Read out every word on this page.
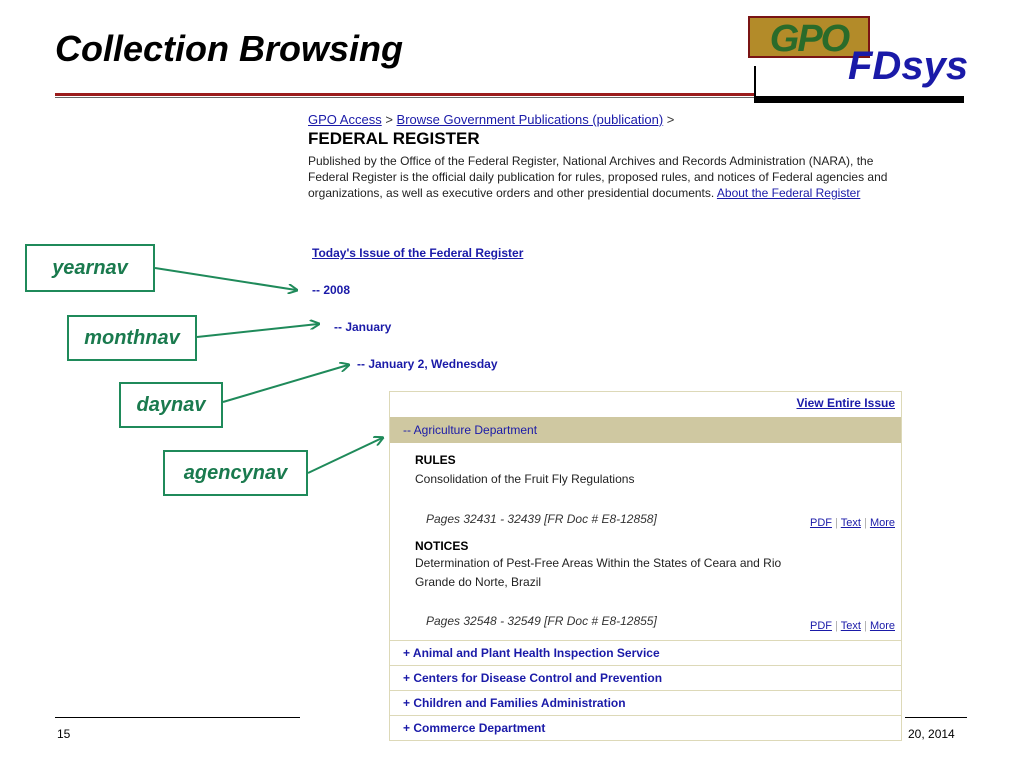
Collection Browsing	GPO
FDsys
GPO Access > Browse Government Publications (publication) >
FEDERAL REGISTER
Published by the Office of the Federal Register, National Archives and Records Administration (NARA), the Federal Register is the official daily publication for rules, proposed rules, and notices of Federal agencies and organizations, as well as executive orders and other presidential documents. About the Federal Register
Today's Issue of the Federal Register
-- 2008
-- January
-- January 2, Wednesday
View Entire Issue
-- Agriculture Department
RULES
Consolidation of the Fruit Fly Regulations
Pages 32431 - 32439 [FR Doc # E8-12858]	PDF | Text | More
NOTICES
Determination of Pest-Free Areas Within the States of Ceara and Rio Grande do Norte, Brazil
Pages 32548 - 32549 [FR Doc # E8-12855]	PDF | Text | More
+ Animal and Plant Health Inspection Service
+ Centers for Disease Control and Prevention
+ Children and Families Administration
+ Commerce Department
yearnav
monthnav
daynav
agencynav
15	20, 2014
